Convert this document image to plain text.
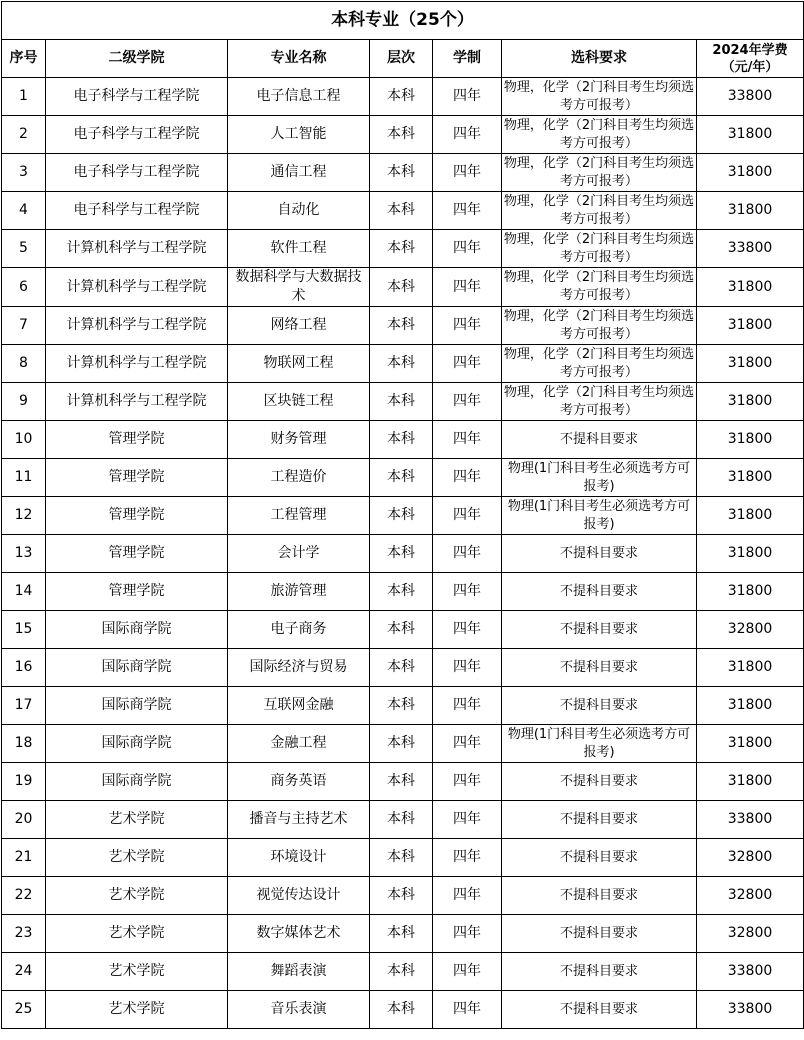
本科专业（25个）						
序号	二级学院	专业名称	层次	学制	选科要求	2024年学费（元/年）
1	电子科学与工程学院	电子信息工程	本科	四年	物理，化学（2门科目考生均须选考方可报考）	33800
2	电子科学与工程学院	人工智能	本科	四年	物理，化学（2门科目考生均须选考方可报考）	31800
3	电子科学与工程学院	通信工程	本科	四年	物理，化学（2门科目考生均须选考方可报考）	31800
4	电子科学与工程学院	自动化	本科	四年	物理，化学（2门科目考生均须选考方可报考）	31800
5	计算机科学与工程学院	软件工程	本科	四年	物理，化学（2门科目考生均须选考方可报考）	33800
6	计算机科学与工程学院	数据科学与大数据技术	本科	四年	物理，化学（2门科目考生均须选考方可报考）	31800
7	计算机科学与工程学院	网络工程	本科	四年	物理，化学（2门科目考生均须选考方可报考）	31800
8	计算机科学与工程学院	物联网工程	本科	四年	物理，化学（2门科目考生均须选考方可报考）	31800
9	计算机科学与工程学院	区块链工程	本科	四年	物理，化学（2门科目考生均须选考方可报考）	31800
10	管理学院	财务管理	本科	四年	不提科目要求	31800
11	管理学院	工程造价	本科	四年	物理(1门科目考生必须选考方可报考)	31800
12	管理学院	工程管理	本科	四年	物理(1门科目考生必须选考方可报考)	31800
13	管理学院	会计学	本科	四年	不提科目要求	31800
14	管理学院	旅游管理	本科	四年	不提科目要求	31800
15	国际商学院	电子商务	本科	四年	不提科目要求	32800
16	国际商学院	国际经济与贸易	本科	四年	不提科目要求	31800
17	国际商学院	互联网金融	本科	四年	不提科目要求	31800
18	国际商学院	金融工程	本科	四年	物理(1门科目考生必须选考方可报考)	31800
19	国际商学院	商务英语	本科	四年	不提科目要求	31800
20	艺术学院	播音与主持艺术	本科	四年	不提科目要求	33800
21	艺术学院	环境设计	本科	四年	不提科目要求	32800
22	艺术学院	视觉传达设计	本科	四年	不提科目要求	32800
23	艺术学院	数字媒体艺术	本科	四年	不提科目要求	32800
24	艺术学院	舞蹈表演	本科	四年	不提科目要求	33800
25	艺术学院	音乐表演	本科	四年	不提科目要求	33800
